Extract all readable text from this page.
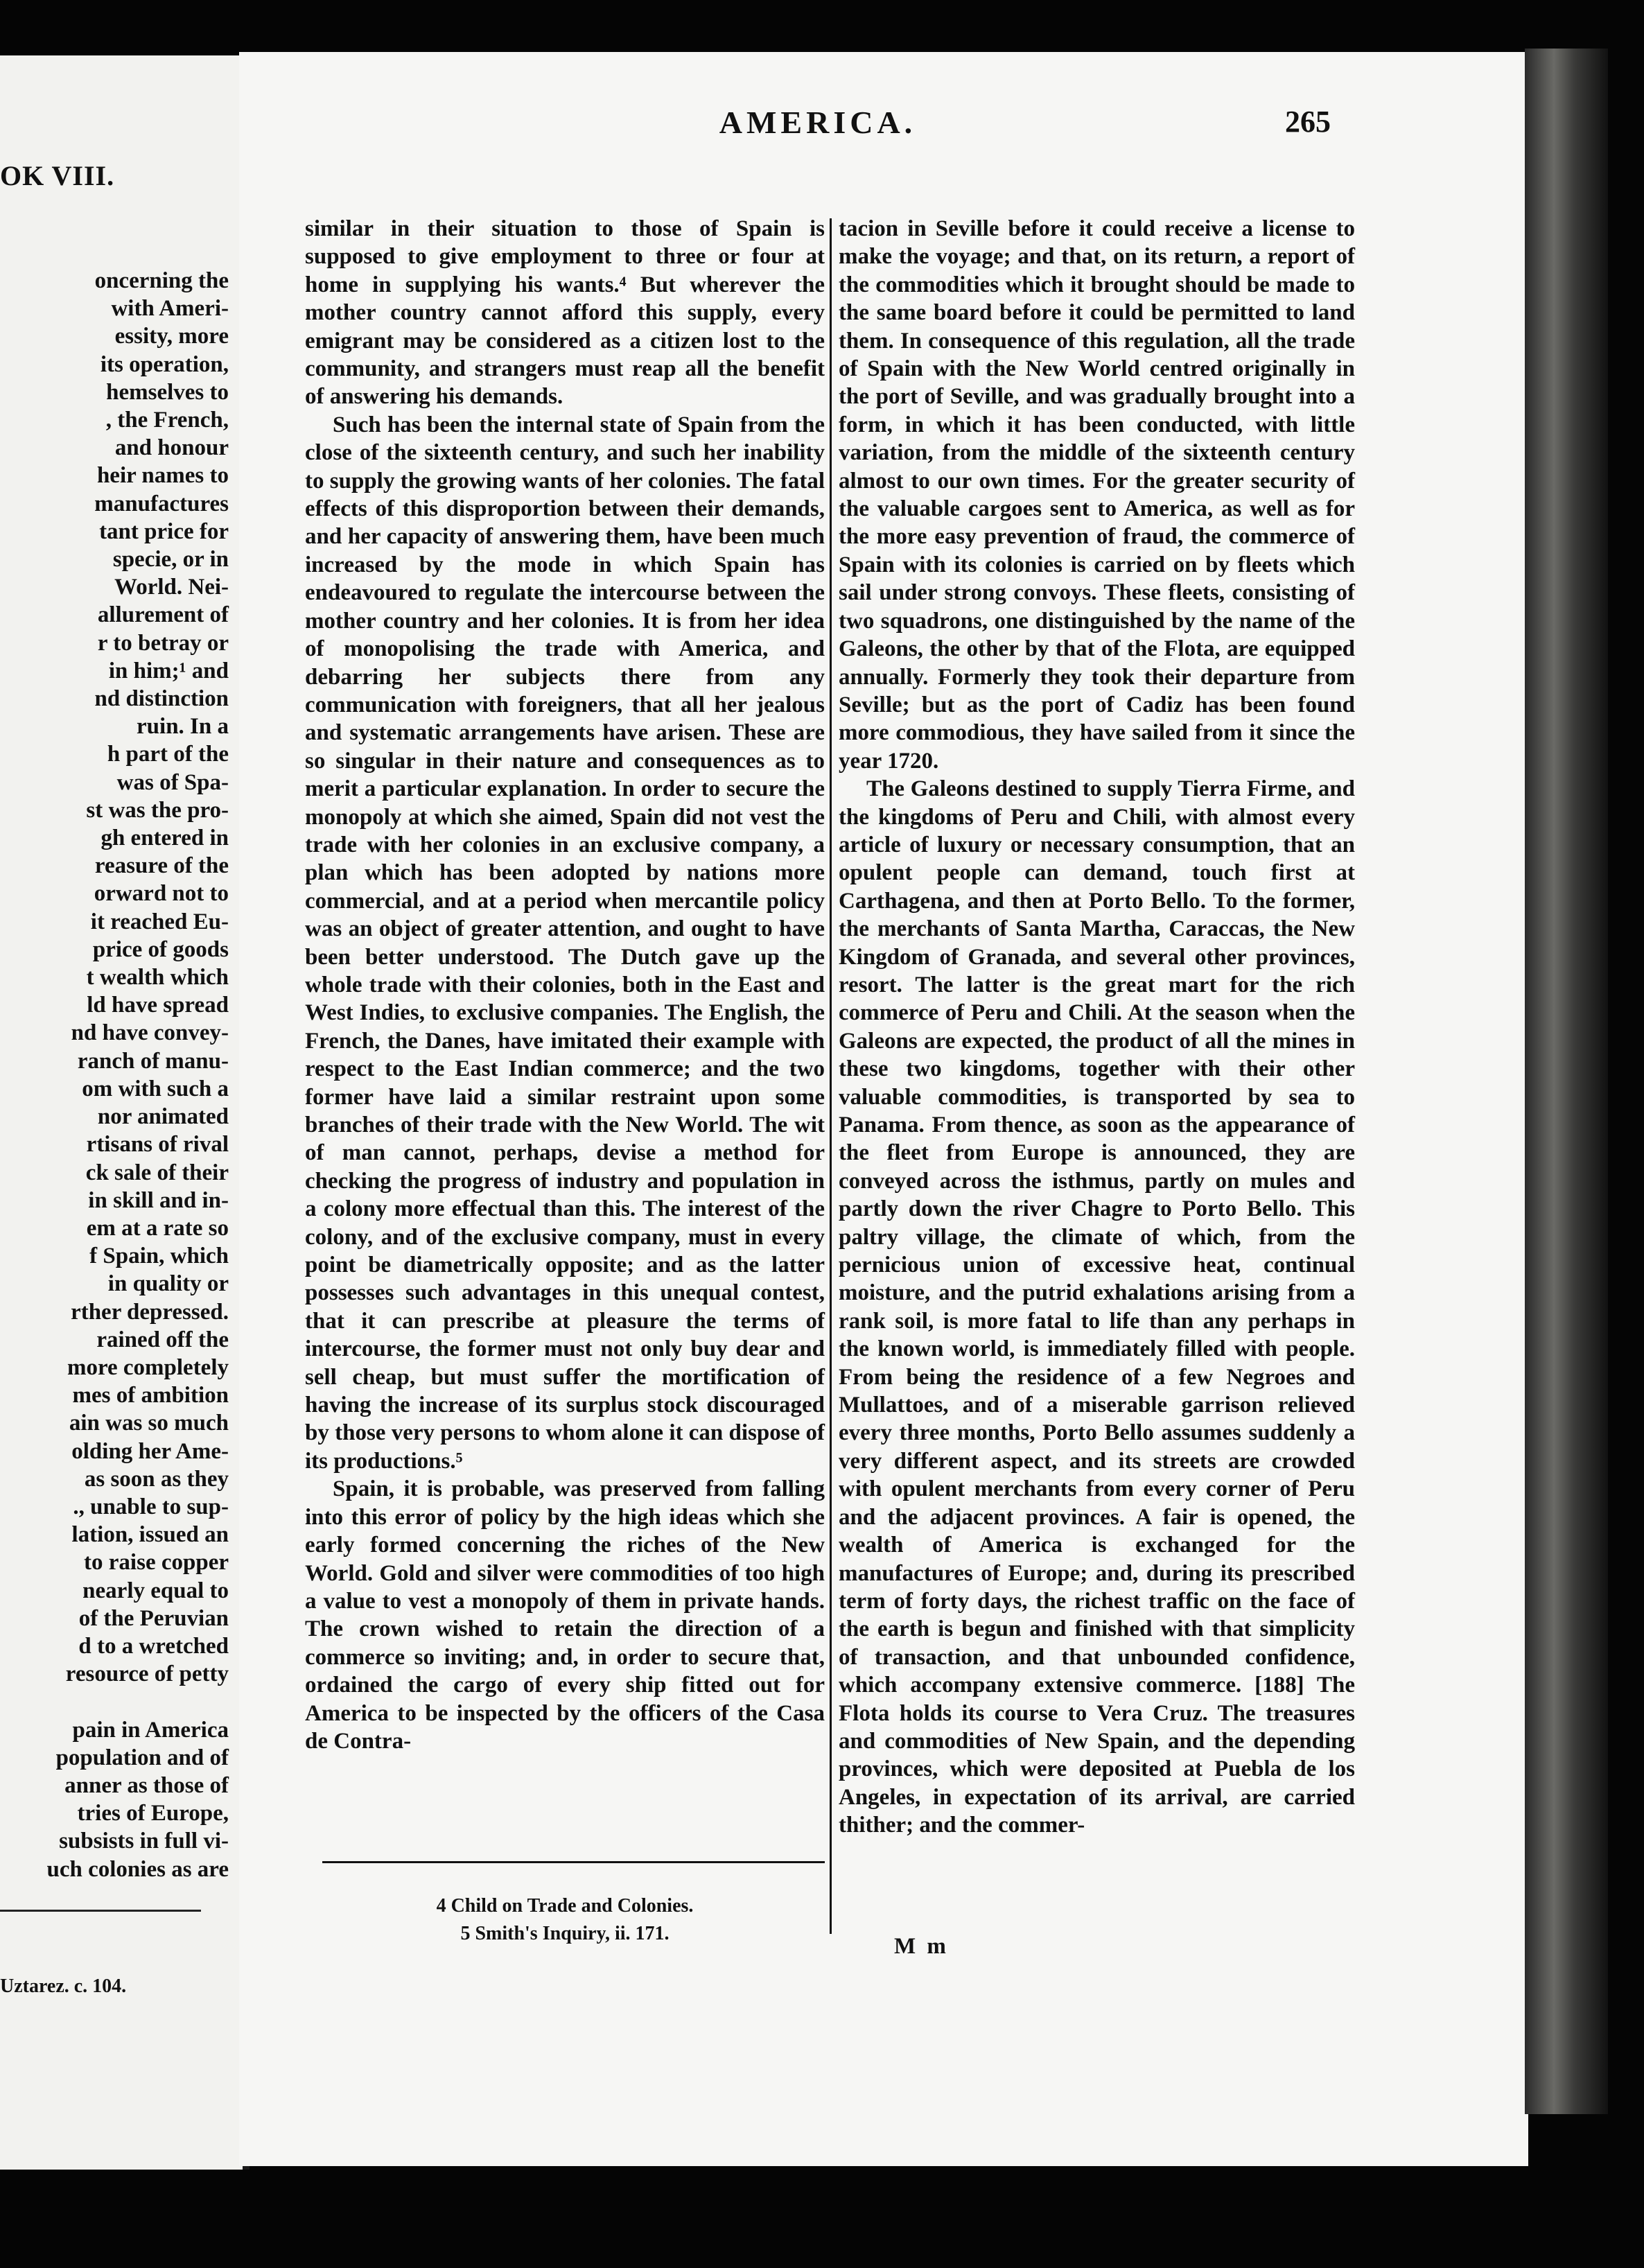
OK VIII.
oncerning the
with Ameri-
essity, more
its operation,
hemselves to
, the French,
and honour
heir names to
manufactures
tant price for
specie, or in
World. Nei-
allurement of
r to betray or
in him;¹ and
nd distinction
ruin. In a
h part of the
was of Spa-
st was the pro-
gh entered in
reasure of the
orward not to
it reached Eu-
price of goods
t wealth which
ld have spread
nd have convey-
ranch of manu-
om with such a
nor animated
rtisans of rival
ck sale of their
in skill and in-
em at a rate so
f Spain, which
in quality or
rther depressed.
rained off the
more completely
mes of ambition
ain was so much
olding her Ame-
as soon as they
., unable to sup-
lation, issued an
to raise copper
nearly equal to
of the Peruvian
d to a wretched
resource of petty

pain in America
population and of
anner as those of
tries of Europe,
subsists in full vi-
uch colonies as are
Uztarez. c. 104.
AMERICA.	265

similar in their situation to those of Spain is supposed to give employment to three or four at home in supplying his wants.⁴ But wherever the mother country cannot afford this supply, every emigrant may be considered as a citizen lost to the community, and strangers must reap all the benefit of answering his demands.

Such has been the internal state of Spain from the close of the sixteenth century, and such her inability to supply the growing wants of her colonies. The fatal effects of this disproportion between their demands, and her capacity of answering them, have been much increased by the mode in which Spain has endeavoured to regulate the intercourse between the mother country and her colonies. It is from her idea of monopolising the trade with America, and debarring her subjects there from any communication with foreigners, that all her jealous and systematic arrangements have arisen. These are so singular in their nature and consequences as to merit a particular explanation. In order to secure the monopoly at which she aimed, Spain did not vest the trade with her colonies in an exclusive company, a plan which has been adopted by nations more commercial, and at a period when mercantile policy was an object of greater attention, and ought to have been better understood. The Dutch gave up the whole trade with their colonies, both in the East and West Indies, to exclusive companies. The English, the French, the Danes, have imitated their example with respect to the East Indian commerce; and the two former have laid a similar restraint upon some branches of their trade with the New World. The wit of man cannot, perhaps, devise a method for checking the progress of industry and population in a colony more effectual than this. The interest of the colony, and of the exclusive company, must in every point be diametrically opposite; and as the latter possesses such advantages in this unequal contest, that it can prescribe at pleasure the terms of intercourse, the former must not only buy dear and sell cheap, but must suffer the mortification of having the increase of its surplus stock discouraged by those very persons to whom alone it can dispose of its productions.⁵

Spain, it is probable, was preserved from falling into this error of policy by the high ideas which she early formed concerning the riches of the New World. Gold and silver were commodities of too high a value to vest a monopoly of them in private hands. The crown wished to retain the direction of a commerce so inviting; and, in order to secure that, ordained the cargo of every ship fitted out for America to be inspected by the officers of the Casa de Contra-

tacion in Seville before it could receive a license to make the voyage; and that, on its return, a report of the commodities which it brought should be made to the same board before it could be permitted to land them. In consequence of this regulation, all the trade of Spain with the New World centred originally in the port of Seville, and was gradually brought into a form, in which it has been conducted, with little variation, from the middle of the sixteenth century almost to our own times. For the greater security of the valuable cargoes sent to America, as well as for the more easy prevention of fraud, the commerce of Spain with its colonies is carried on by fleets which sail under strong convoys. These fleets, consisting of two squadrons, one distinguished by the name of the Galeons, the other by that of the Flota, are equipped annually. Formerly they took their departure from Seville; but as the port of Cadiz has been found more commodious, they have sailed from it since the year 1720.

The Galeons destined to supply Tierra Firme, and the kingdoms of Peru and Chili, with almost every article of luxury or necessary consumption, that an opulent people can demand, touch first at Carthagena, and then at Porto Bello. To the former, the merchants of Santa Martha, Caraccas, the New Kingdom of Granada, and several other provinces, resort. The latter is the great mart for the rich commerce of Peru and Chili. At the season when the Galeons are expected, the product of all the mines in these two kingdoms, together with their other valuable commodities, is transported by sea to Panama. From thence, as soon as the appearance of the fleet from Europe is announced, they are conveyed across the isthmus, partly on mules and partly down the river Chagre to Porto Bello. This paltry village, the climate of which, from the pernicious union of excessive heat, continual moisture, and the putrid exhalations arising from a rank soil, is more fatal to life than any perhaps in the known world, is immediately filled with people. From being the residence of a few Negroes and Mullattoes, and of a miserable garrison relieved every three months, Porto Bello assumes suddenly a very different aspect, and its streets are crowded with opulent merchants from every corner of Peru and the adjacent provinces. A fair is opened, the wealth of America is exchanged for the manufactures of Europe; and, during its prescribed term of forty days, the richest traffic on the face of the earth is begun and finished with that simplicity of transaction, and that unbounded confidence, which accompany extensive commerce. [188] The Flota holds its course to Vera Cruz. The treasures and commodities of New Spain, and the depending provinces, which were deposited at Puebla de los Angeles, in expectation of its arrival, are carried thither; and the commer-

4 Child on Trade and Colonies.
5 Smith's Inquiry, ii. 171.
M m
